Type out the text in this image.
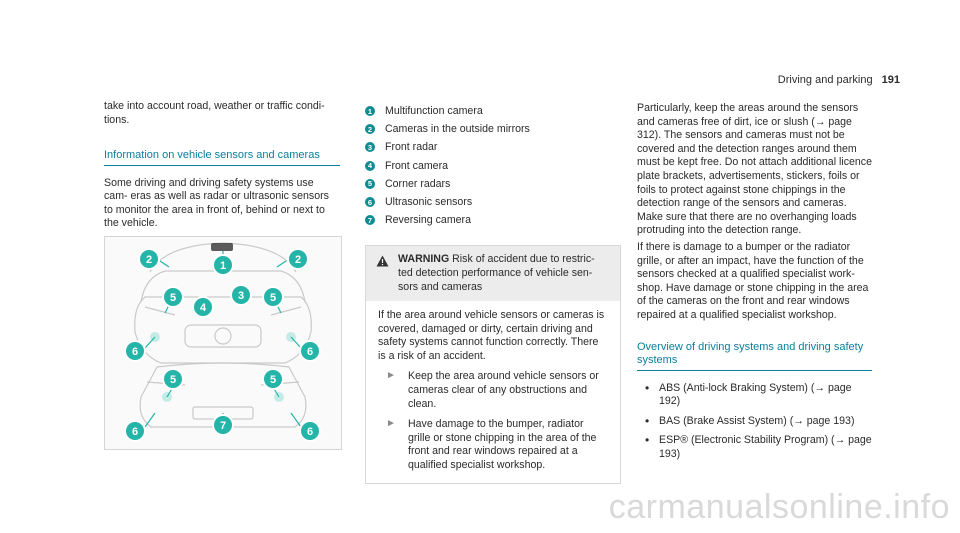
Driving and parking 191

take into account road, weather or traffic condi- tions.

Information on vehicle sensors and cameras

Some driving and driving safety systems use cam- eras as well as radar or ultrasonic sensors to monitor the area in front of, behind or next to the vehicle.

1
2	2
3
4
5	5
6	6
5	5
6	6
7
1 Multifunction camera
2 Cameras in the outside mirrors
3 Front radar
4 Front camera
5 Corner radars
6 Ultrasonic sensors
7 Reversing camera

WARNING Risk of accident due to restric- ted detection performance of vehicle sen- sors and cameras

If the area around vehicle sensors or cameras is covered, damaged or dirty, certain driving and safety systems cannot function correctly. There is a risk of an accident.

►	Keep the area around vehicle sensors or cameras clear of any obstructions and clean.

►	Have damage to the bumper, radiator grille or stone chipping in the area of the front and rear windows repaired at a qualified specialist workshop.

Particularly, keep the areas around the sensors and cameras free of dirt, ice or slush (→ page 312). The sensors and cameras must not be covered and the detection ranges around them must be kept free. Do not attach additional licence plate brackets, advertisements, stickers, foils or foils to protect against stone chippings in the detection range of the sensors and cameras. Make sure that there are no overhanging loads protruding into the detection range.

If there is damage to a bumper or the radiator grille, or after an impact, have the function of the sensors checked at a qualified specialist work- shop. Have damage or stone chipping in the area of the cameras on the front and rear windows repaired at a qualified specialist workshop.

Overview of driving systems and driving safety systems
• ABS (Anti-lock Braking System) (→ page 192)
• BAS (Brake Assist System) (→ page 193)
• ESP® (Electronic Stability Program) (→ page 193)
carmanualsonline.info
